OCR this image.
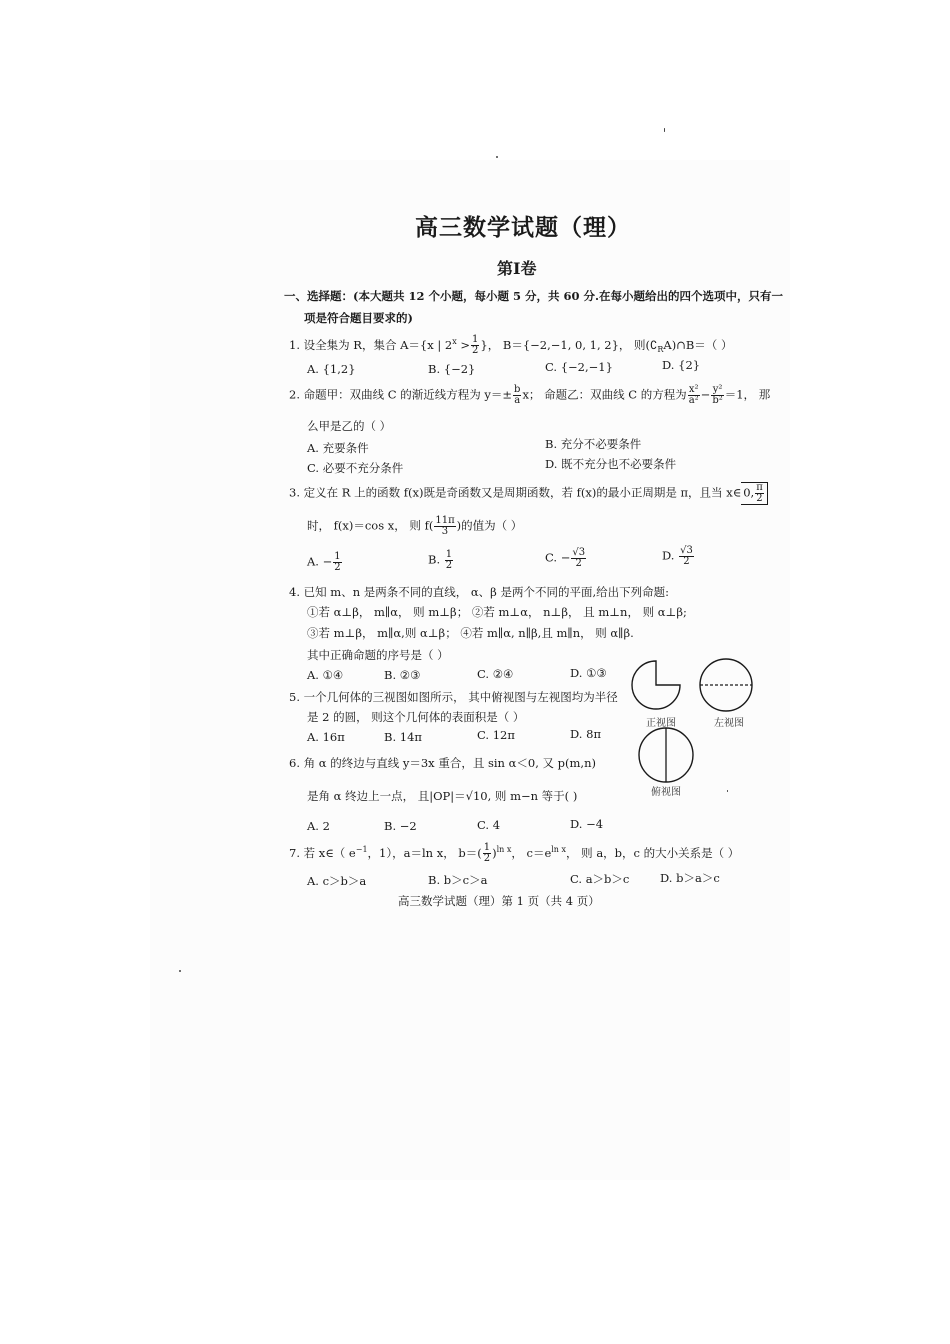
高三数学试题（理）
第Ⅰ卷
一、选择题：(本大题共 12 个小题，每小题 5 分，共 60 分.在每小题给出的四个选项中，只有一
项是符合题目要求的)
1. 设全集为 R，集合 A＝{x | $2^x > \frac{1}{2}$ }， B＝{−2,−1, 0, 1, 2}， 则$(∁_RA)\cap B=$（ ）
A. {1,2}	B. {−2}	C. {−2,−1}	D. {2}
2. 命题甲：双曲线 C 的渐近线方程为 $y=\pm \frac{b}{a}$ x； 命题乙：双曲线 C 的方程为 $\frac{\text{x²}}{\text{a²}} - \frac{\text{y²}}{\text{b²}} =1$， 那
么甲是乙的（ ）
A. 充要条件	B. 充分不必要条件
C. 必要不充分条件	D. 既不充分也不必要条件
3. 定义在 R 上的函数 f(x)既是奇函数又是周期函数，若 f(x)的最小正周期是 π，且当 x∈ 0, $\frac{\pi}{2}$
时， f(x)＝cos x， 则 $f( \frac{11\pi}{3}$ )的值为（ ）
A. − $\frac{1}{2}$	B. $\frac{1}{2}$	C. − $\frac{√3}{2}$	D. $\frac{√3}{2}$
4. 已知 m、n 是两条不同的直线， α、β 是两个不同的平面,给出下列命题:
①若 α⊥β， m∥α， 则 m⊥β； ②若 m⊥α， n⊥β， 且 m⊥n， 则 α⊥β;
③若 m⊥β， m∥α,则 α⊥β； ④若 m∥α, n∥β,且 m∥n， 则 α∥β.
其中正确命题的序号是（ ）
A. ①④	B. ②③	C. ②④	D. ①③
5. 一个几何体的三视图如图所示， 其中俯视图与左视图均为半径
是 2 的圆， 则这个几何体的表面积是（ ）
A. 16π	B. 14π	C. 12π	D. 8π
6. 角 α 的终边与直线 y＝3x 重合，且 sin α＜0, 又 p(m,n)
是角 α 终边上一点， 且|OP|＝√10, 则 m−n 等于( )
A. 2	B. −2	C. 4	D. −4
7. 若 x∈（ $e^{-1}$，1），a＝ln x， $b=( \frac{1}{2} )^{ln x}$， $c=e^{ln x}$， 则 a，b，c 的大小关系是（ ）
A. c＞b＞a	B. b＞c＞a	C. a＞b＞c	D. b＞a＞c
正视图	左视图
俯视图
高三数学试题（理）第 1 页（共 4 页）
